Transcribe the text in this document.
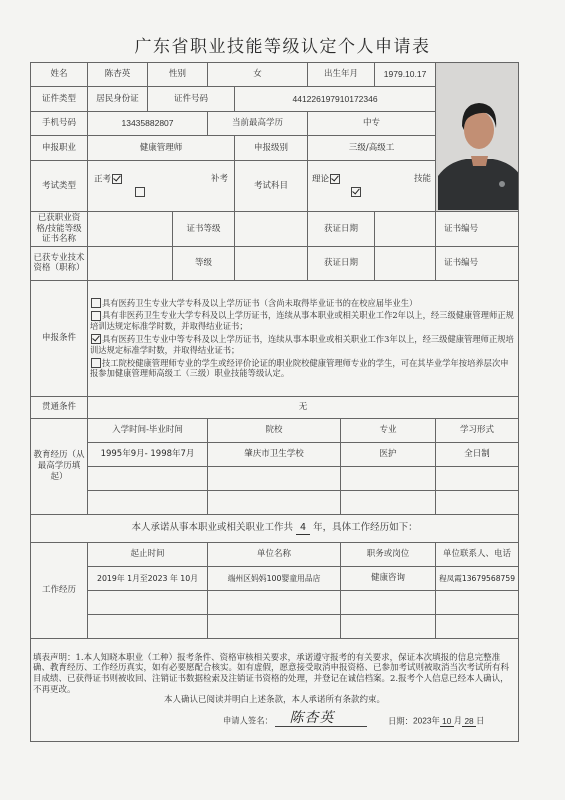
广东省职业技能等级认定个人申请表
姓名	陈杏英	性别		女		出生年月		1979.10.17	

证件类型	居民身份证	证件号码			441226197910172346				
手机号码	13435882807			当前最高学历		中专			
申报职业	健康管理师				申报级别	三级/高级工			
考试类型	正考 补考				考试科目	理论 技能			

已获职业资格/技能等级证书名称			证书等级			获证日期			证书编号
已获专业技术资格（职称）			等级			获证日期			证书编号
申报条件	具有医药卫生专业大学专科及以上学历证书（含尚未取得毕业证书的在校应届毕业生）
具有非医药卫生专业大学专科及以上学历证书，连续从事本职业或相关职业工作2年以上，经三级健康管理师正规培训达规定标准学时数，并取得结业证书；
具有医药卫生专业中等专科及以上学历证书，连续从事本职业或相关职业工作3年以上，经三级健康管理师正规培训达规定标准学时数，并取得结业证书；
技工院校健康管理师专业的学生或经评价论证的职业院校健康管理师专业的学生，可在其毕业学年按培养层次申报参加健康管理师高级工（三级）职业技能等级认定。								

贯通条件	无								
教育经历（从最高学历填起）	入学时间-毕业时间			院校			专业		学习形式
	1995年9月- 1998年7月			肇庆市卫生学校			医护		全日制

本人承诺从事本职业或相关职业工作共 4 年，具体工作经历如下：									
工作经历	起止时间			单位名称			职务或岗位		单位联系人、电话
	2019年 1月至2023 年 10月			端州区妈妈100婴童用品店			健康咨询		程凤霞13679568759

填表声明：1.本人知晓本职业（工种）报考条件、资格审核相关要求，承诺遵守报考的有关要求，保证本次填报的信息完整准确、教育经历、工作经历真实，如有必要愿配合核实。如有虚假，愿意接受取消申报资格、已参加考试则被取消当次考试所有科目成绩、已获得证书则被收回、注销证书数据检索及注销证书资格的处理，并登记在诚信档案。2.报考个人信息已经本人确认，不再更改。
本人确认已阅读并明白上述条款，本人承诺所有条款约束。
申请人签名： 陈杏英 日期：2023年 10 月 28 日									
